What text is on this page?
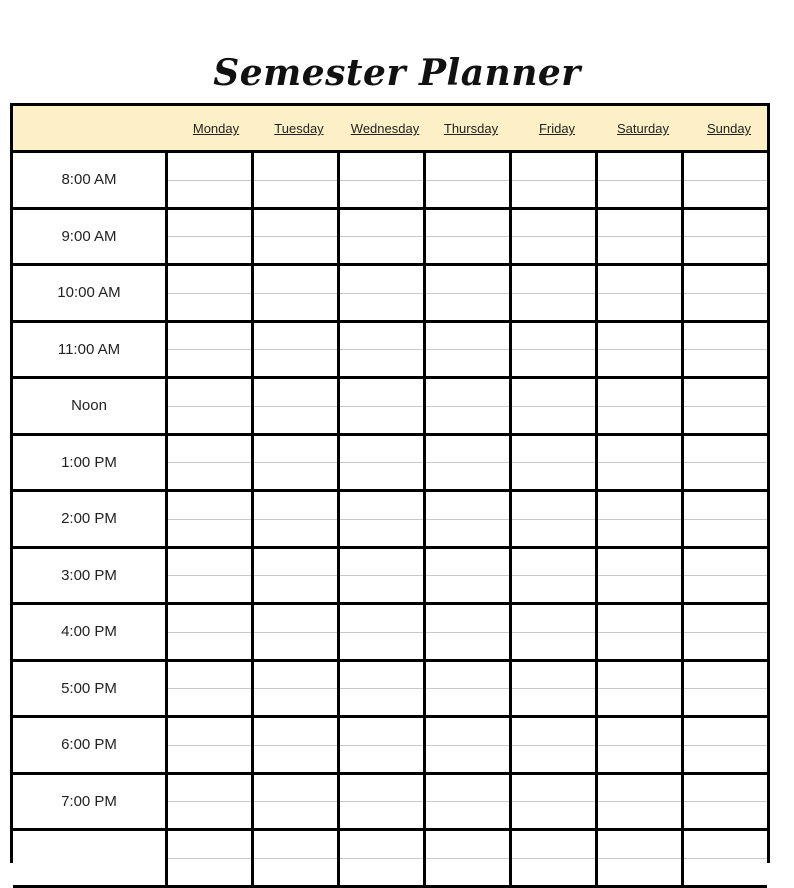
Semester Planner
Monday	Tuesday	Wednesday	Thursday	Friday	Saturday	Sunday
8:00 AM
9:00 AM
10:00 AM
11:00 AM
Noon
1:00 PM
2:00 PM
3:00 PM
4:00 PM
5:00 PM
6:00 PM
7:00 PM
